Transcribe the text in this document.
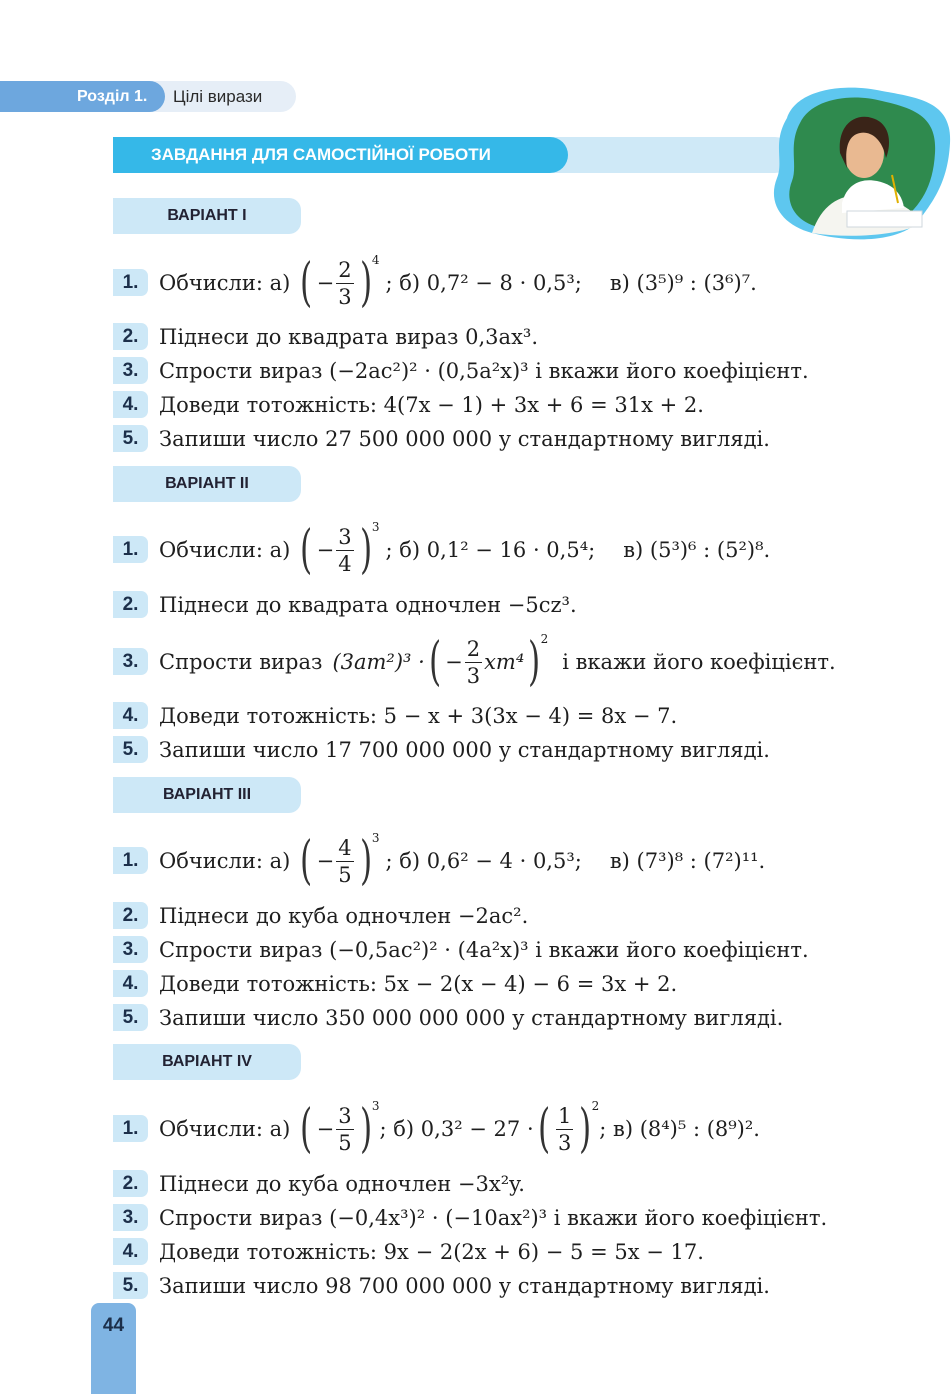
Розділ 1. Цілі вирази
ЗАВДАННЯ ДЛЯ САМОСТІЙНОЇ РОБОТИ
ВАРІАНТ І
1. Обчисли: а) ( − $\frac{2}{3}$ ) 4
; б) 0,7² − 8 · 0,5³; в) (3⁵)⁹ : (3⁶)⁷.
2. Піднеси до квадрата вираз 0,3ax³.
3. Спрости вираз (−2ac²)² · (0,5a²x)³ і вкажи його коефіцієнт.
4. Доведи тотожність: 4(7x − 1) + 3x + 6 = 31x + 2.
5. Запиши число 27 500 000 000 у стандартному вигляді.
ВАРІАНТ ІІ
1. Обчисли: а) ( − $\frac{3}{4}$ ) 3
; б) 0,1² − 16 · 0,5⁴; в) (5³)⁶ : (5²)⁸.
2. Піднеси до квадрата одночлен −5cz³.
3. Спрости вираз (3am²)³ · ( − $\frac{2}{3} xm^4$ ) 2
і вкажи його коефіцієнт.
4. Доведи тотожність: 5 − x + 3(3x − 4) = 8x − 7.
5. Запиши число 17 700 000 000 у стандартному вигляді.
ВАРІАНТ ІІІ
1. Обчисли: а) ( − $\frac{4}{5}$ ) 3
; б) 0,6² − 4 · 0,5³; в) (7³)⁸ : (7²)¹¹.
2. Піднеси до куба одночлен −2ac².
3. Спрости вираз (−0,5ac²)² · (4a²x)³ і вкажи його коефіцієнт.
4. Доведи тотожність: 5x − 2(x − 4) − 6 = 3x + 2.
5. Запиши число 350 000 000 000 у стандартному вигляді.
ВАРІАНТ ІV
1. Обчисли: а) ( − $\frac{3}{5}$ ) 3
; б) 0,3² − 27 · ( $\frac{1}{3}$ ) 2
; в) (8⁴)⁵ : (8⁹)².
2. Піднеси до куба одночлен −3x²y.
3. Спрости вираз (−0,4x³)² · (−10ax²)³ і вкажи його коефіцієнт.
4. Доведи тотожність: 9x − 2(2x + 6) − 5 = 5x − 17.
5. Запиши число 98 700 000 000 у стандартному вигляді.
44
